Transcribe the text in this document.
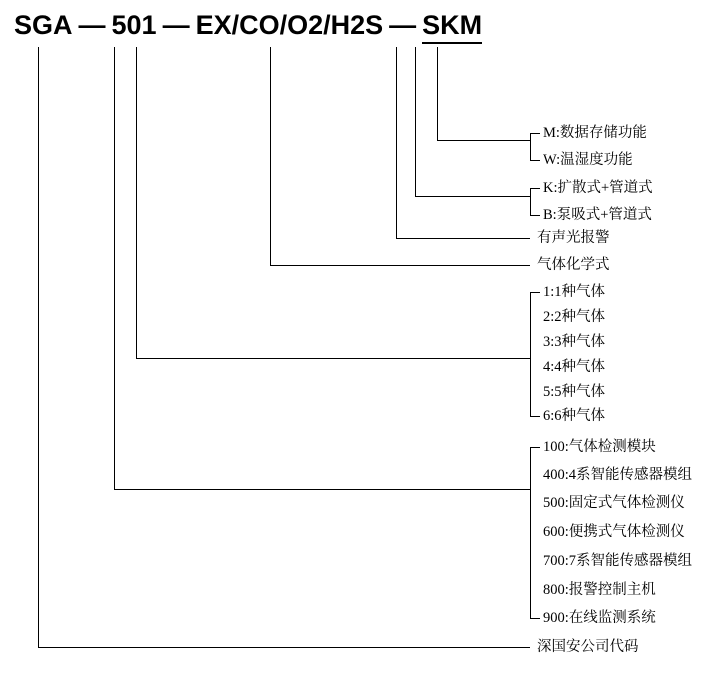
SGA — 501 — EX/CO/O2/H2S — SKM
M:数据存储功能
W:温湿度功能
K:扩散式+管道式
B:泵吸式+管道式
有声光报警
气体化学式
1:1种气体
2:2种气体
3:3种气体
4:4种气体
5:5种气体
6:6种气体
100:气体检测模块
400:4系智能传感器模组
500:固定式气体检测仪
600:便携式气体检测仪
700:7系智能传感器模组
800:报警控制主机
900:在线监测系统
深国安公司代码
